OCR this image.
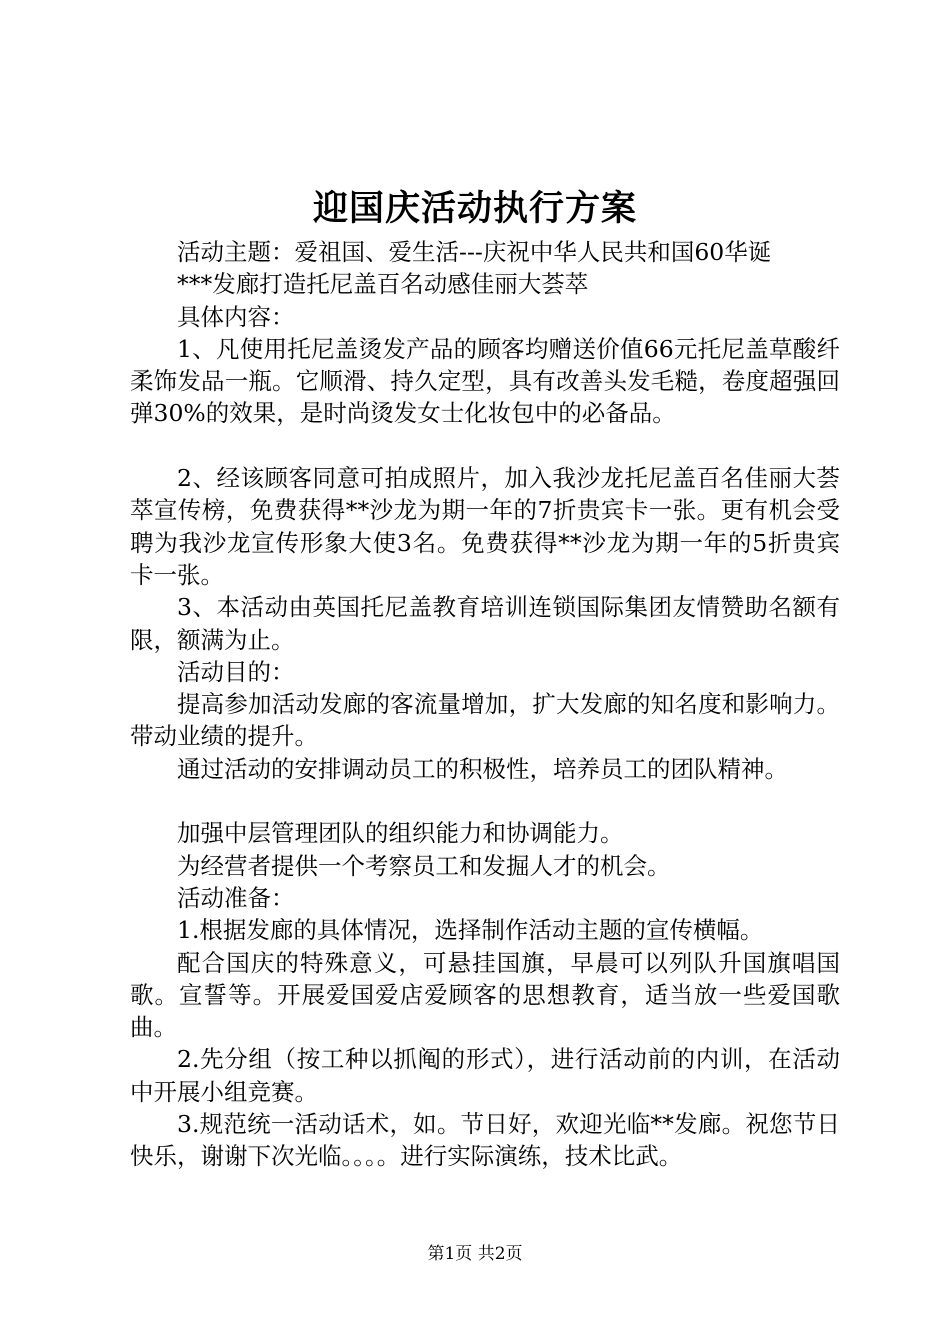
迎国庆活动执行方案

活动主题：爱祖国、爱生活---庆祝中华人民共和国60华诞

***发廊打造托尼盖百名动感佳丽大荟萃

具体内容：

1、凡使用托尼盖烫发产品的顾客均赠送价值66元托尼盖草酸纤柔饰发品一瓶。它顺滑、持久定型，具有改善头发毛糙，卷度超强回弹30%的效果，是时尚烫发女士化妆包中的必备品。

2、经该顾客同意可拍成照片，加入我沙龙托尼盖百名佳丽大荟萃宣传榜，免费获得**沙龙为期一年的7折贵宾卡一张。更有机会受聘为我沙龙宣传形象大使3名。免费获得**沙龙为期一年的5折贵宾卡一张。

3、本活动由英国托尼盖教育培训连锁国际集团友情赞助名额有限，额满为止。

活动目的：

提高参加活动发廊的客流量增加，扩大发廊的知名度和影响力。带动业绩的提升。

通过活动的安排调动员工的积极性，培养员工的团队精神。

加强中层管理团队的组织能力和协调能力。

为经营者提供一个考察员工和发掘人才的机会。

活动准备：

1.根据发廊的具体情况，选择制作活动主题的宣传横幅。

配合国庆的特殊意义，可悬挂国旗，早晨可以列队升国旗唱国歌。宣誓等。开展爱国爱店爱顾客的思想教育，适当放一些爱国歌曲。

2.先分组（按工种以抓阄的形式），进行活动前的内训，在活动中开展小组竞赛。

3.规范统一活动话术，如。节日好，欢迎光临**发廊。祝您节日快乐，谢谢下次光临。。。。进行实际演练，技术比武。

第1页 共2页
